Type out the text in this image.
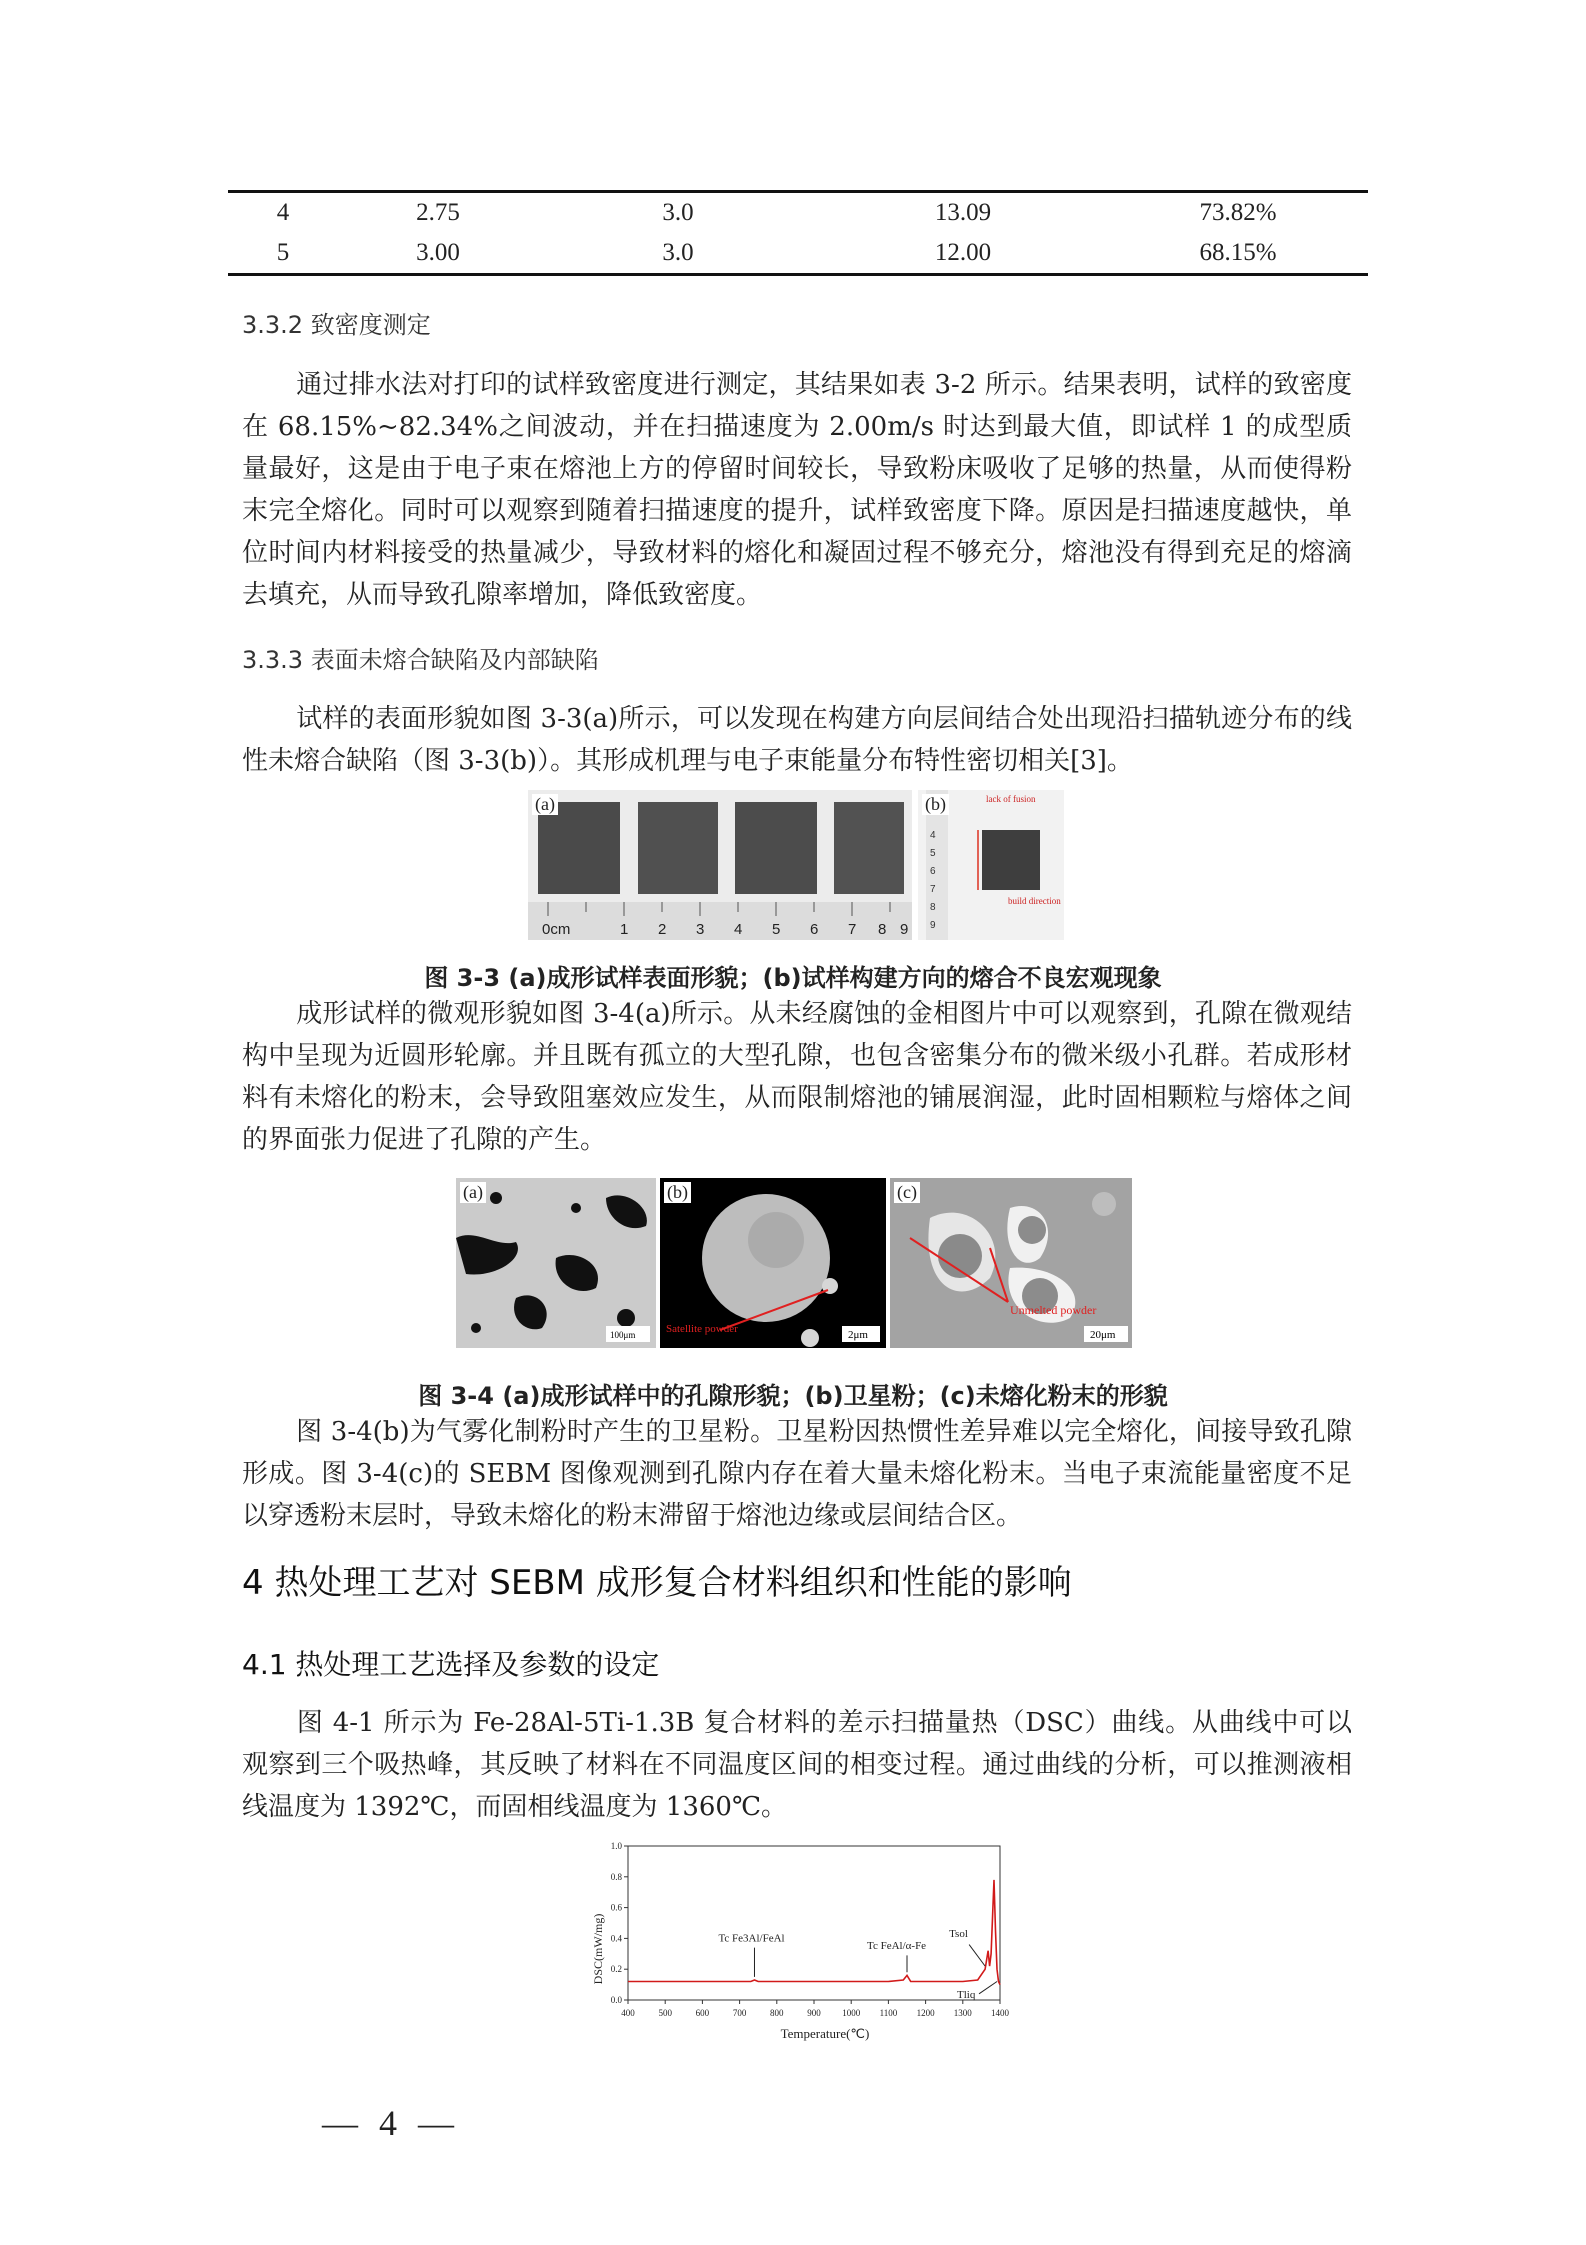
4	2.75	3.0	13.09	73.82%
5	3.00	3.0	12.00	68.15%
3.3.2 致密度测定
通过排水法对打印的试样致密度进行测定，其结果如表 3-2 所示。结果表明，试样的致密度在 68.15%~82.34%之间波动，并在扫描速度为 2.00m/s 时达到最大值，即试样 1 的成型质量最好，这是由于电子束在熔池上方的停留时间较长，导致粉床吸收了足够的热量，从而使得粉末完全熔化。同时可以观察到随着扫描速度的提升，试样致密度下降。原因是扫描速度越快，单位时间内材料接受的热量减少，导致材料的熔化和凝固过程不够充分，熔池没有得到充足的熔滴去填充，从而导致孔隙率增加，降低致密度。
3.3.3 表面未熔合缺陷及内部缺陷
试样的表面形貌如图 3-3(a)所示，可以发现在构建方向层间结合处出现沿扫描轨迹分布的线性未熔合缺陷（图 3-3(b)）。其形成机理与电子束能量分布特性密切相关[3]。
0cm	1 2 3 4 5 6 7 8 9
(a)
4
5
6
7
8
9
lack of fusion
build direction
(b)
图 3-3 (a)成形试样表面形貌；(b)试样构建方向的熔合不良宏观现象
成形试样的微观形貌如图 3-4(a)所示。从未经腐蚀的金相图片中可以观察到，孔隙在微观结构中呈现为近圆形轮廓。并且既有孤立的大型孔隙，也包含密集分布的微米级小孔群。若成形材料有未熔化的粉末，会导致阻塞效应发生，从而限制熔池的铺展润湿，此时固相颗粒与熔体之间的界面张力促进了孔隙的产生。
100μm
(a)
Satellite powder	2μm
(b)
Unmelted powder
20μm
(c)
图 3-4 (a)成形试样中的孔隙形貌；(b)卫星粉；(c)未熔化粉末的形貌
图 3-4(b)为气雾化制粉时产生的卫星粉。卫星粉因热惯性差异难以完全熔化，间接导致孔隙形成。图 3-4(c)的 SEBM 图像观测到孔隙内存在着大量未熔化粉末。当电子束流能量密度不足以穿透粉末层时，导致未熔化的粉末滞留于熔池边缘或层间结合区。
4 热处理工艺对 SEBM 成形复合材料组织和性能的影响
4.1 热处理工艺选择及参数的设定
图 4-1 所示为 Fe-28Al-5Ti-1.3B 复合材料的差示扫描量热（DSC）曲线。从曲线中可以观察到三个吸热峰，其反映了材料在不同温度区间的相变过程。通过曲线的分析，可以推测液相线温度为 1392℃，而固相线温度为 1360℃。
DSC(mW/mg)
Temperature(℃)
400	500	600	700	800	900 1000 1100 1200 1300 1400
0.0
0.2
0.4
0.6
0.8
1.0
Tc Fe3Al/FeAl
Tc FeAl/α-Fe
Tsol
Tliq
— 4 —
